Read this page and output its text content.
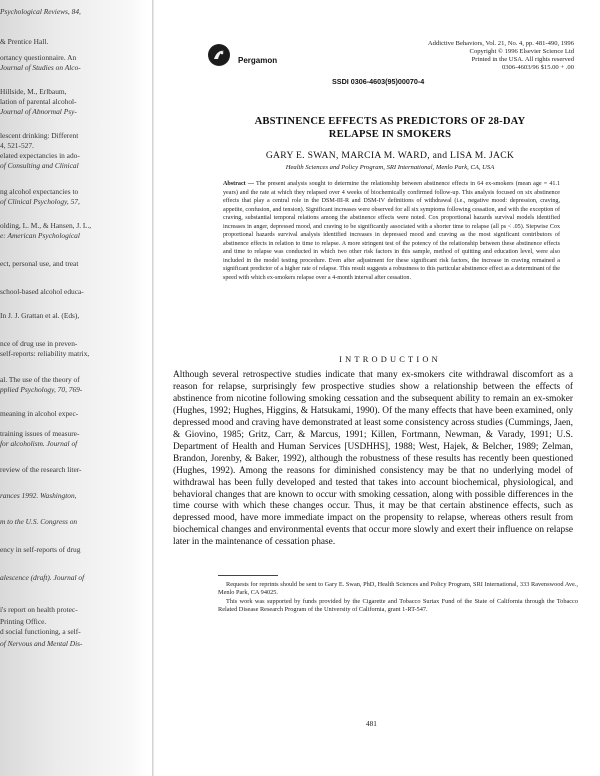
Psychological Reviews, 84,
& Prentice Hall.
ortancy questionnaire. An
Journal of Studies on Alco-
Hillside, M., Erlbaum,
lation of parental alcohol-
Journal of Abnormal Psy-
lescent drinking: Different
4, 521-527.
elated expectancies in ado-
of Consulting and Clinical
ng alcohol expectancies to
of Clinical Psychology, 57,
olding, L. M., & Hansen, J. L.,
e: American Psychological
ect, personal use, and treat
school-based alcohol educa-
In J. J. Grattan et al. (Eds),
nce of drug use in preven-
self-reports: reliability matrix,
al. The use of the theory of
pplied Psychology, 70, 769-
meaning in alcohol expec-
training issues of measure-
for alcoholism. Journal of
review of the research liter-
rances 1992. Washington,
m to the U.S. Congress on
ency in self-reports of drug
alescence (draft). Journal of
i's report on health protec-
Printing Office.
d social functioning, a self-
of Nervous and Mental Dis-
Pergamon
Addictive Behaviors, Vol. 21, No. 4, pp. 481-490, 1996
Copyright © 1996 Elsevier Science Ltd
Printed in the USA. All rights reserved
0306-4603/96 $15.00 + .00
SSDI 0306-4603(95)00070-4
ABSTINENCE EFFECTS AS PREDICTORS OF 28-DAY
RELAPSE IN SMOKERS
GARY E. SWAN, MARCIA M. WARD, and LISA M. JACK
Health Sciences and Policy Program, SRI International, Menlo Park, CA, USA
Abstract — The present analysis sought to determine the relationship between abstinence effects in 64 ex-smokers (mean age = 41.1 years) and the rate at which they relapsed over 4 weeks of biochemically confirmed follow-up. This analysis focused on six abstinence effects that play a central role in the DSM-III-R and DSM-IV definitions of withdrawal (i.e., negative mood: depression, craving, appetite, confusion, and tension). Significant increases were observed for all six symptoms following cessation, and with the exception of craving, substantial temporal relations among the abstinence effects were noted. Cox proportional hazards survival models identified increases in anger, depressed mood, and craving to be significantly associated with a shorter time to relapse (all ps < .05). Stepwise Cox proportional hazards survival analysis identified increases in depressed mood and craving as the most significant contributors of abstinence effects in relation to time to relapse. A more stringent test of the potency of the relationship between these abstinence effects and time to relapse was conducted in which two other risk factors in this sample, method of quitting and education level, were also included in the model testing procedure. Even after adjustment for these significant risk factors, the increase in craving remained a significant predictor of a higher rate of relapse. This result suggests a robustness to this particular abstinence effect as a determinant of the speed with which ex-smokers relapse over a 4-month interval after cessation.
INTRODUCTION
Although several retrospective studies indicate that many ex-smokers cite withdrawal discomfort as a reason for relapse, surprisingly few prospective studies show a relationship between the effects of abstinence from nicotine following smoking cessation and the subsequent ability to remain an ex-smoker (Hughes, 1992; Hughes, Higgins, & Hatsukami, 1990). Of the many effects that have been examined, only depressed mood and craving have demonstrated at least some consistency across studies (Cummings, Jaen, & Giovino, 1985; Gritz, Carr, & Marcus, 1991; Killen, Fortmann, Newman, & Varady, 1991; U.S. Department of Health and Human Services [USDHHS], 1988; West, Hajek, & Belcher, 1989; Zelman, Brandon, Jorenby, & Baker, 1992), although the robustness of these results has recently been questioned (Hughes, 1992). Among the reasons for diminished consistency may be that no underlying model of withdrawal has been fully developed and tested that takes into account biochemical, physiological, and behavioral changes that are known to occur with smoking cessation, along with possible differences in the time course with which these changes occur. Thus, it may be that certain abstinence effects, such as depressed mood, have more immediate impact on the propensity to relapse, whereas others result from biochemical changes and environmental events that occur more slowly and exert their influence on relapse later in the maintenance of cessation phase.

Requests for reprints should be sent to Gary E. Swan, PhD, Health Sciences and Policy Program, SRI International, 333 Ravenswood Ave., Menlo Park, CA 94025.

This work was supported by funds provided by the Cigarette and Tobacco Surtax Fund of the State of California through the Tobacco Related Disease Research Program of the University of California, grant 1-RT-547.

481
